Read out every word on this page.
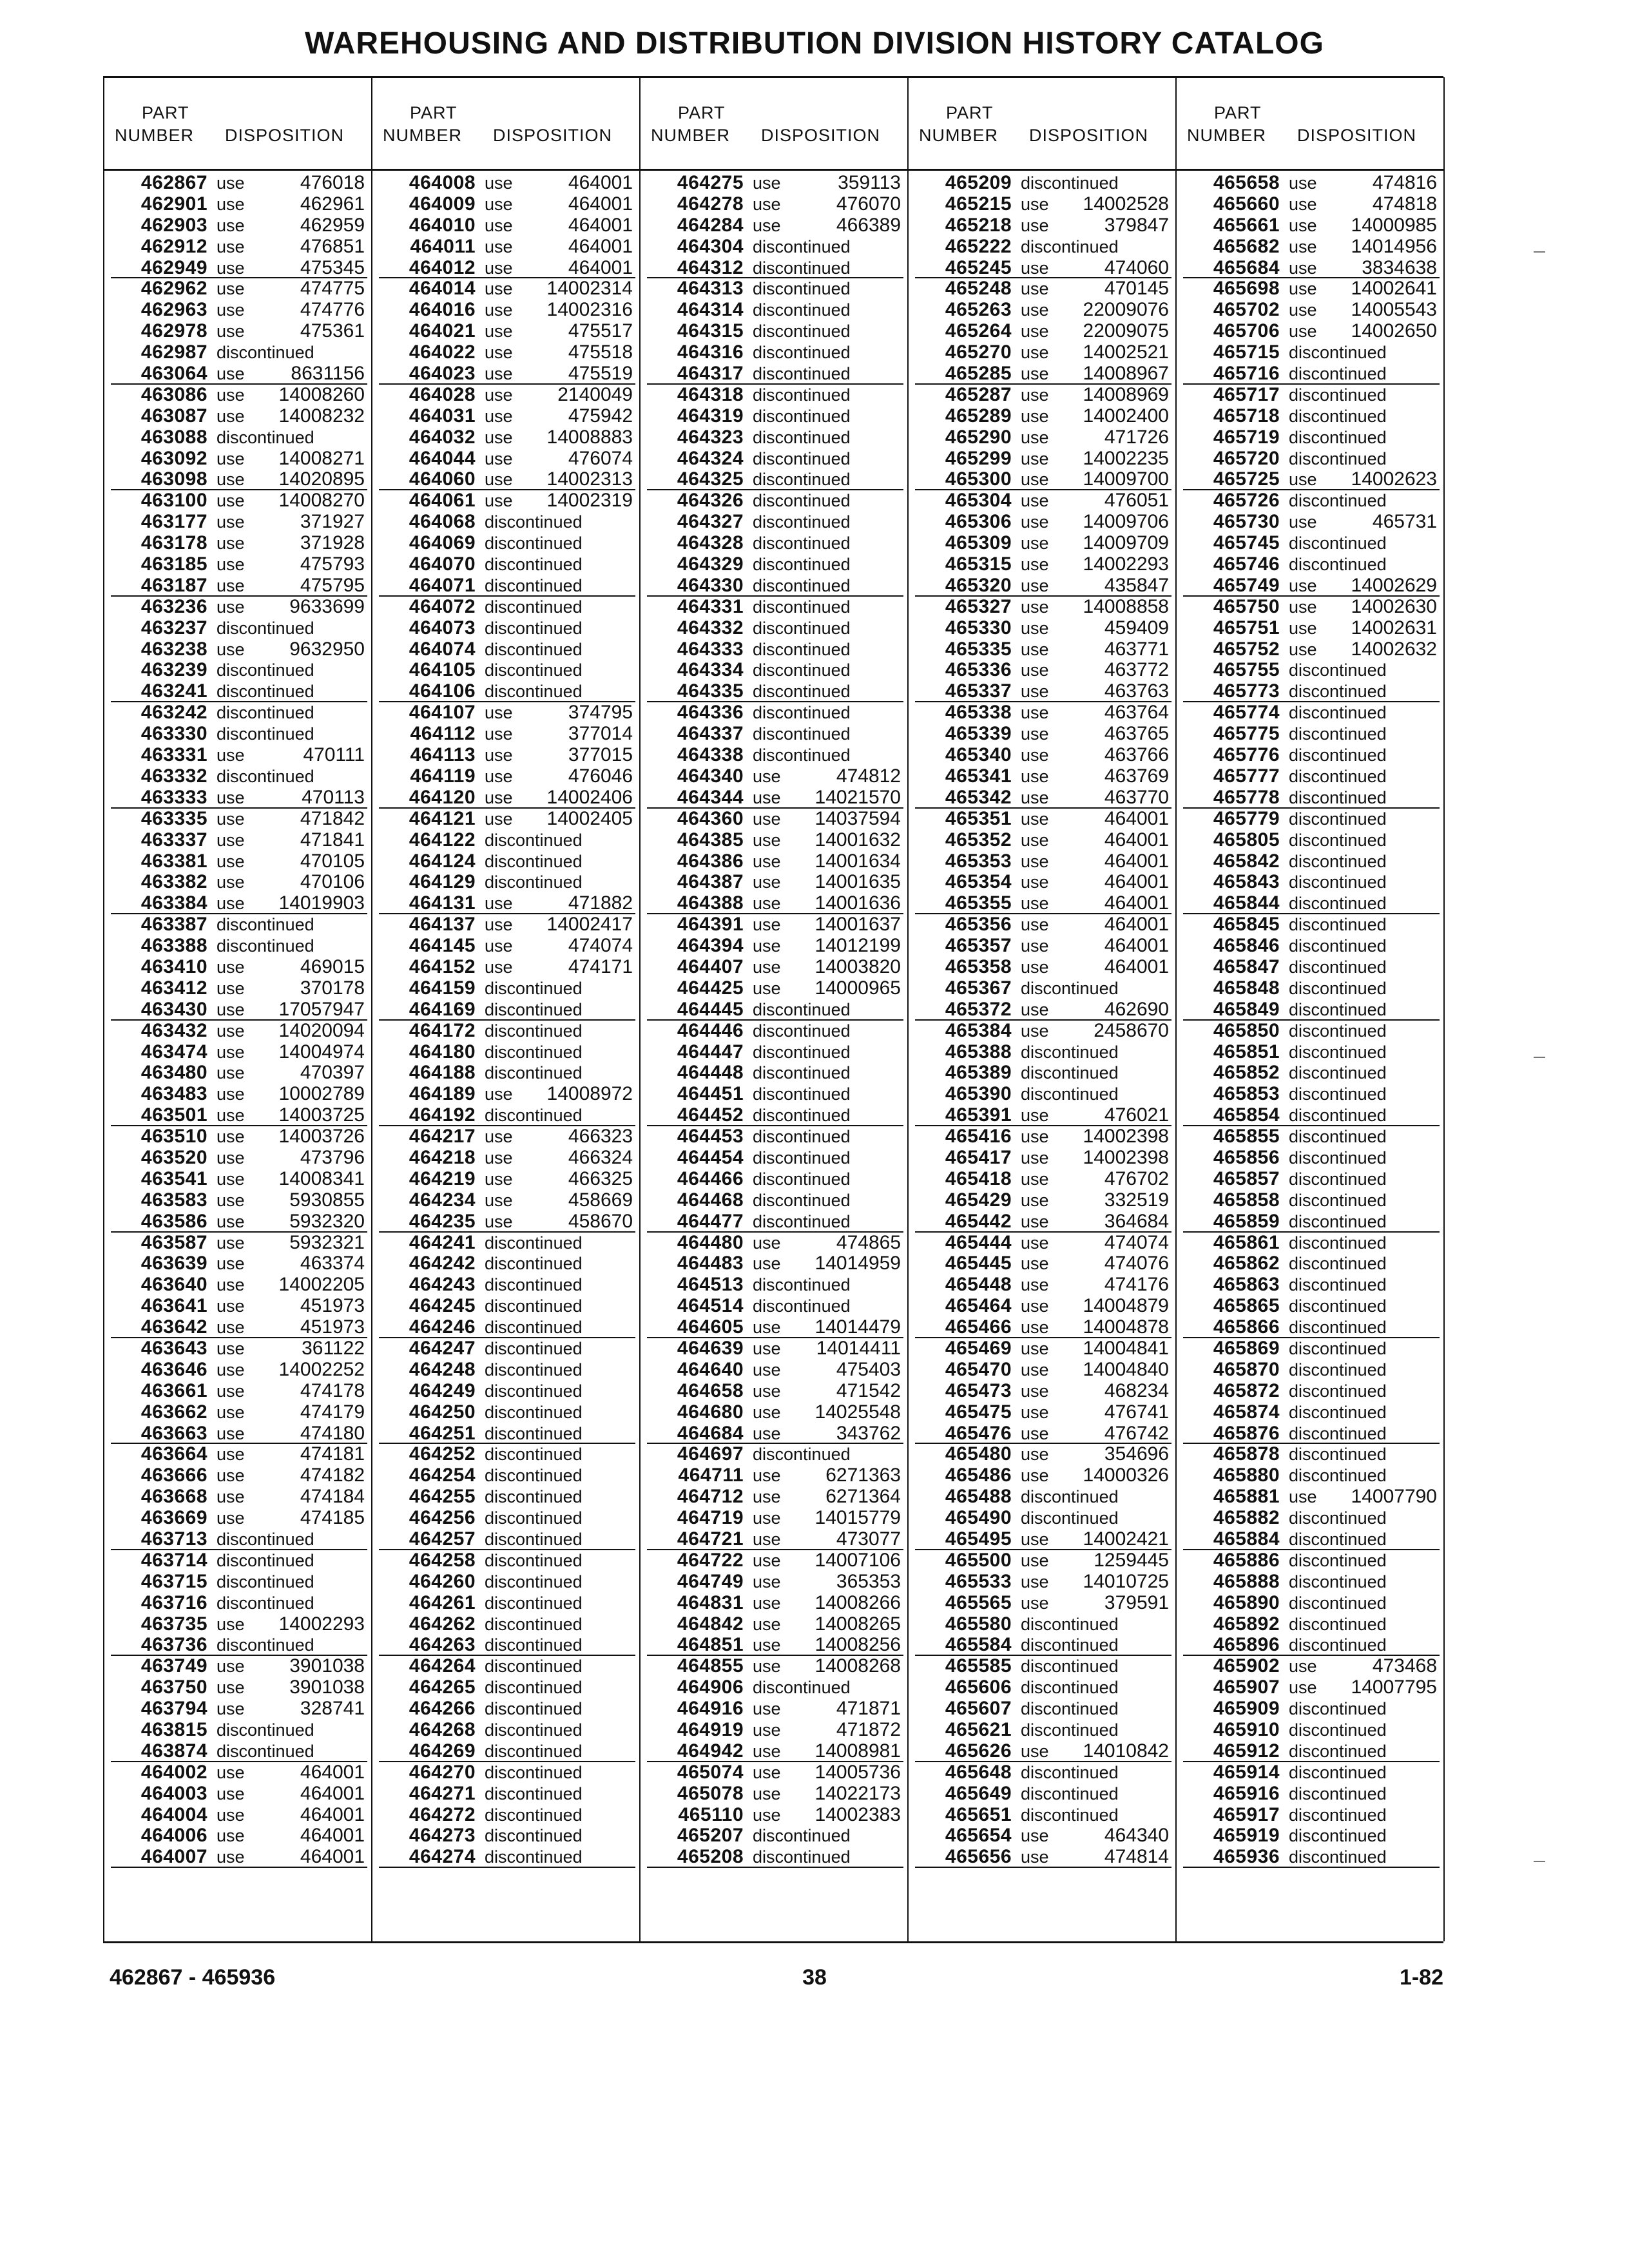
WAREHOUSING AND DISTRIBUTION DIVISION HISTORY CATALOG
PART
NUMBER DISPOSITION
PART
NUMBER DISPOSITION
PART
NUMBER DISPOSITION
PART
NUMBER DISPOSITION
PART
NUMBER DISPOSITION
462867 use	476018
462901 use	462961
462903 use	462959
462912 use	476851
462949 use	475345
462962 use	474775
462963 use	474776
462978 use	475361
462987 discontinued
463064 use	8631156
463086 use	14008260
463087 use	14008232
463088 discontinued
463092 use	14008271
463098 use	14020895
463100 use	14008270
463177 use	371927
463178 use	371928
463185 use	475793
463187 use	475795
463236 use	9633699
463237 discontinued
463238 use	9632950
463239 discontinued
463241 discontinued
463242 discontinued
463330 discontinued
463331 use	470111
463332 discontinued
463333 use	470113
463335 use	471842
463337 use	471841
463381 use	470105
463382 use	470106
463384 use	14019903
463387 discontinued
463388 discontinued
463410 use	469015
463412 use	370178
463430 use	17057947
463432 use	14020094
463474 use	14004974
463480 use	470397
463483 use	10002789
463501 use	14003725
463510 use	14003726
463520 use	473796
463541 use	14008341
463583 use	5930855
463586 use	5932320
463587 use	5932321
463639 use	463374
463640 use	14002205
463641 use	451973
463642 use	451973
463643 use	361122
463646 use	14002252
463661 use	474178
463662 use	474179
463663 use	474180
463664 use	474181
463666 use	474182
463668 use	474184
463669 use	474185
463713 discontinued
463714 discontinued
463715 discontinued
463716 discontinued
463735 use	14002293
463736 discontinued
463749 use	3901038
463750 use	3901038
463794 use	328741
463815 discontinued
463874 discontinued
464002 use	464001
464003 use	464001
464004 use	464001
464006 use	464001
464007 use	464001
464008 use	464001
464009 use	464001
464010 use	464001
464011 use	464001
464012 use	464001
464014 use	14002314
464016 use	14002316
464021 use	475517
464022 use	475518
464023 use	475519
464028 use	2140049
464031 use	475942
464032 use	14008883
464044 use	476074
464060 use	14002313
464061 use	14002319
464068 discontinued
464069 discontinued
464070 discontinued
464071 discontinued
464072 discontinued
464073 discontinued
464074 discontinued
464105 discontinued
464106 discontinued
464107 use	374795
464112 use	377014
464113 use	377015
464119 use	476046
464120 use	14002406
464121 use	14002405
464122 discontinued
464124 discontinued
464129 discontinued
464131 use	471882
464137 use	14002417
464145 use	474074
464152 use	474171
464159 discontinued
464169 discontinued
464172 discontinued
464180 discontinued
464188 discontinued
464189 use	14008972
464192 discontinued
464217 use	466323
464218 use	466324
464219 use	466325
464234 use	458669
464235 use	458670
464241 discontinued
464242 discontinued
464243 discontinued
464245 discontinued
464246 discontinued
464247 discontinued
464248 discontinued
464249 discontinued
464250 discontinued
464251 discontinued
464252 discontinued
464254 discontinued
464255 discontinued
464256 discontinued
464257 discontinued
464258 discontinued
464260 discontinued
464261 discontinued
464262 discontinued
464263 discontinued
464264 discontinued
464265 discontinued
464266 discontinued
464268 discontinued
464269 discontinued
464270 discontinued
464271 discontinued
464272 discontinued
464273 discontinued
464274 discontinued
464275 use	359113
464278 use	476070
464284 use	466389
464304 discontinued
464312 discontinued
464313 discontinued
464314 discontinued
464315 discontinued
464316 discontinued
464317 discontinued
464318 discontinued
464319 discontinued
464323 discontinued
464324 discontinued
464325 discontinued
464326 discontinued
464327 discontinued
464328 discontinued
464329 discontinued
464330 discontinued
464331 discontinued
464332 discontinued
464333 discontinued
464334 discontinued
464335 discontinued
464336 discontinued
464337 discontinued
464338 discontinued
464340 use	474812
464344 use	14021570
464360 use	14037594
464385 use	14001632
464386 use	14001634
464387 use	14001635
464388 use	14001636
464391 use	14001637
464394 use	14012199
464407 use	14003820
464425 use	14000965
464445 discontinued
464446 discontinued
464447 discontinued
464448 discontinued
464451 discontinued
464452 discontinued
464453 discontinued
464454 discontinued
464466 discontinued
464468 discontinued
464477 discontinued
464480 use	474865
464483 use	14014959
464513 discontinued
464514 discontinued
464605 use	14014479
464639 use	14014411
464640 use	475403
464658 use	471542
464680 use	14025548
464684 use	343762
464697 discontinued
464711 use	6271363
464712 use	6271364
464719 use	14015779
464721 use	473077
464722 use	14007106
464749 use	365353
464831 use	14008266
464842 use	14008265
464851 use	14008256
464855 use	14008268
464906 discontinued
464916 use	471871
464919 use	471872
464942 use	14008981
465074 use	14005736
465078 use	14022173
465110 use	14002383
465207 discontinued
465208 discontinued
465209 discontinued
465215 use	14002528
465218 use	379847
465222 discontinued
465245 use	474060
465248 use	470145
465263 use	22009076
465264 use	22009075
465270 use	14002521
465285 use	14008967
465287 use	14008969
465289 use	14002400
465290 use	471726
465299 use	14002235
465300 use	14009700
465304 use	476051
465306 use	14009706
465309 use	14009709
465315 use	14002293
465320 use	435847
465327 use	14008858
465330 use	459409
465335 use	463771
465336 use	463772
465337 use	463763
465338 use	463764
465339 use	463765
465340 use	463766
465341 use	463769
465342 use	463770
465351 use	464001
465352 use	464001
465353 use	464001
465354 use	464001
465355 use	464001
465356 use	464001
465357 use	464001
465358 use	464001
465367 discontinued
465372 use	462690
465384 use	2458670
465388 discontinued
465389 discontinued
465390 discontinued
465391 use	476021
465416 use	14002398
465417 use	14002398
465418 use	476702
465429 use	332519
465442 use	364684
465444 use	474074
465445 use	474076
465448 use	474176
465464 use	14004879
465466 use	14004878
465469 use	14004841
465470 use	14004840
465473 use	468234
465475 use	476741
465476 use	476742
465480 use	354696
465486 use	14000326
465488 discontinued
465490 discontinued
465495 use	14002421
465500 use	1259445
465533 use	14010725
465565 use	379591
465580 discontinued
465584 discontinued
465585 discontinued
465606 discontinued
465607 discontinued
465621 discontinued
465626 use	14010842
465648 discontinued
465649 discontinued
465651 discontinued
465654 use	464340
465656 use	474814
465658 use	474816
465660 use	474818
465661 use	14000985
465682 use	14014956
465684 use	3834638
465698 use	14002641
465702 use	14005543
465706 use	14002650
465715 discontinued
465716 discontinued
465717 discontinued
465718 discontinued
465719 discontinued
465720 discontinued
465725 use	14002623
465726 discontinued
465730 use	465731
465745 discontinued
465746 discontinued
465749 use	14002629
465750 use	14002630
465751 use	14002631
465752 use	14002632
465755 discontinued
465773 discontinued
465774 discontinued
465775 discontinued
465776 discontinued
465777 discontinued
465778 discontinued
465779 discontinued
465805 discontinued
465842 discontinued
465843 discontinued
465844 discontinued
465845 discontinued
465846 discontinued
465847 discontinued
465848 discontinued
465849 discontinued
465850 discontinued
465851 discontinued
465852 discontinued
465853 discontinued
465854 discontinued
465855 discontinued
465856 discontinued
465857 discontinued
465858 discontinued
465859 discontinued
465861 discontinued
465862 discontinued
465863 discontinued
465865 discontinued
465866 discontinued
465869 discontinued
465870 discontinued
465872 discontinued
465874 discontinued
465876 discontinued
465878 discontinued
465880 discontinued
465881 use	14007790
465882 discontinued
465884 discontinued
465886 discontinued
465888 discontinued
465890 discontinued
465892 discontinued
465896 discontinued
465902 use	473468
465907 use	14007795
465909 discontinued
465910 discontinued
465912 discontinued
465914 discontinued
465916 discontinued
465917 discontinued
465919 discontinued
465936 discontinued
462867 - 465936	38	1-82
